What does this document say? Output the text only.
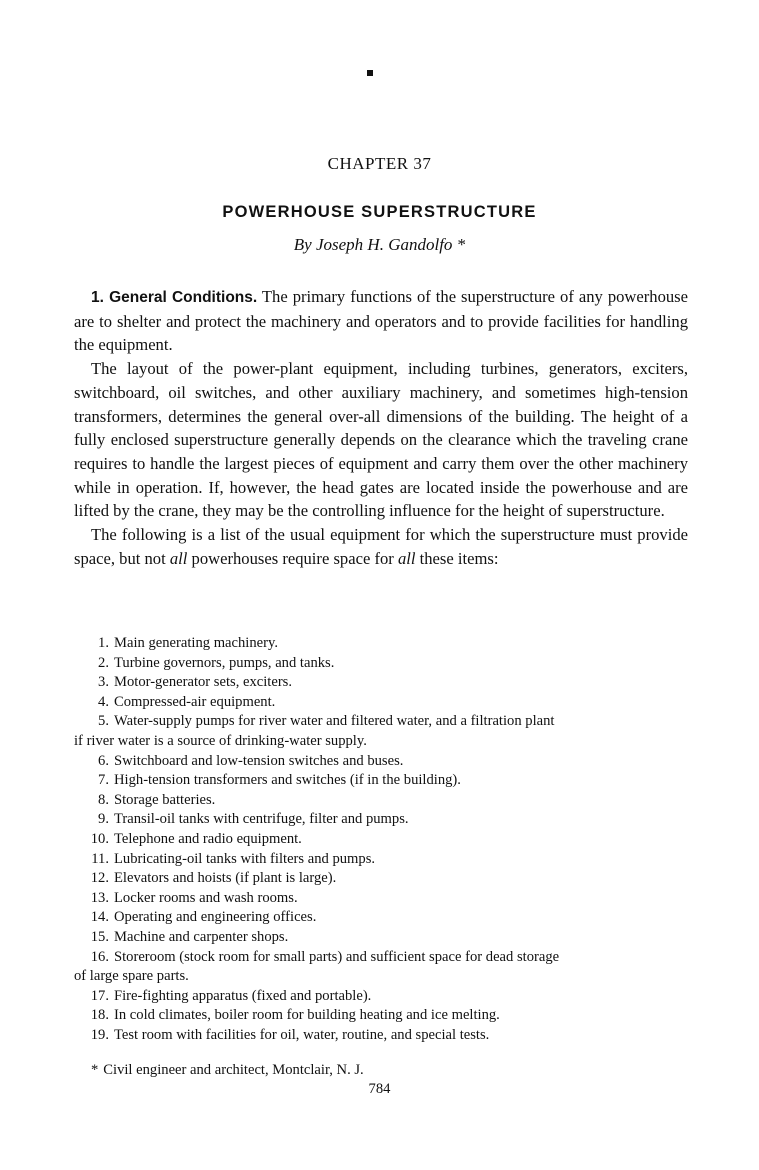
CHAPTER 37
POWERHOUSE SUPERSTRUCTURE
By Joseph H. Gandolfo *

1. General Conditions. The primary functions of the superstructure of any powerhouse are to shelter and protect the machinery and operators and to provide facilities for handling the equipment.

The layout of the power-plant equipment, including turbines, generators, exciters, switchboard, oil switches, and other auxiliary machinery, and sometimes high-tension transformers, determines the general over-all dimensions of the building. The height of a fully enclosed superstructure generally depends on the clearance which the traveling crane requires to handle the largest pieces of equipment and carry them over the other machinery while in operation. If, however, the head gates are located inside the powerhouse and are lifted by the crane, they may be the controlling influence for the height of superstructure.

The following is a list of the usual equipment for which the superstructure must provide space, but not all powerhouses require space for all these items:

1. Main generating machinery.
2. Turbine governors, pumps, and tanks.
3. Motor-generator sets, exciters.
4. Compressed-air equipment.
5. Water-supply pumps for river water and filtered water, and a filtration plant
if river water is a source of drinking-water supply.
6. Switchboard and low-tension switches and buses.
7. High-tension transformers and switches (if in the building).
8. Storage batteries.
9. Transil-oil tanks with centrifuge, filter and pumps.
10. Telephone and radio equipment.
11. Lubricating-oil tanks with filters and pumps.
12. Elevators and hoists (if plant is large).
13. Locker rooms and wash rooms.
14. Operating and engineering offices.
15. Machine and carpenter shops.
16. Storeroom (stock room for small parts) and sufficient space for dead storage
of large spare parts.
17. Fire-fighting apparatus (fixed and portable).
18. In cold climates, boiler room for building heating and ice melting.
19. Test room with facilities for oil, water, routine, and special tests.
* Civil engineer and architect, Montclair, N. J.
784
